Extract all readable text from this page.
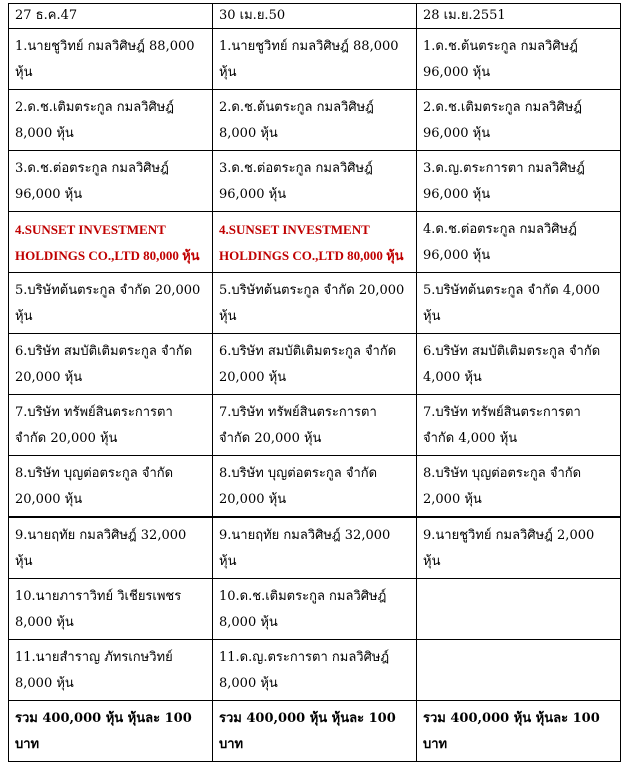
27 ธ.ค.47	30 เม.ย.50	28 เม.ย.2551
1.นายชูวิทย์ กมลวิศิษฎ์ 88,000 หุ้น	1.นายชูวิทย์ กมลวิศิษฎ์ 88,000 หุ้น	1.ด.ช.ต้นตระกูล กมลวิศิษฎ์ 96,000 หุ้น
2.ด.ช.เติมตระกูล กมลวิศิษฎ์ 8,000 หุ้น	2.ด.ช.ต้นตระกูล กมลวิศิษฎ์ 8,000 หุ้น	2.ด.ช.เติมตระกูล กมลวิศิษฎ์ 96,000 หุ้น
3.ด.ช.ต่อตระกูล กมลวิศิษฎ์ 96,000 หุ้น	3.ด.ช.ต่อตระกูล กมลวิศิษฎ์ 96,000 หุ้น	3.ด.ญ.ตระการตา กมลวิศิษฎ์ 96,000 หุ้น
4.SUNSET INVESTMENT HOLDINGS CO.,LTD 80,000 หุ้น	4.SUNSET INVESTMENT HOLDINGS CO.,LTD 80,000 หุ้น	4.ด.ช.ต่อตระกูล กมลวิศิษฎ์ 96,000 หุ้น
5.บริษัทต้นตระกูล จำกัด 20,000 หุ้น	5.บริษัทต้นตระกูล จำกัด 20,000 หุ้น	5.บริษัทต้นตระกูล จำกัด 4,000 หุ้น
6.บริษัท สมบัติเติมตระกูล จำกัด 20,000 หุ้น	6.บริษัท สมบัติเติมตระกูล จำกัด 20,000 หุ้น	6.บริษัท สมบัติเติมตระกูล จำกัด 4,000 หุ้น
7.บริษัท ทรัพย์สินตระการตา จำกัด 20,000 หุ้น	7.บริษัท ทรัพย์สินตระการตา จำกัด 20,000 หุ้น	7.บริษัท ทรัพย์สินตระการตา จำกัด 4,000 หุ้น
8.บริษัท บุญต่อตระกูล จำกัด 20,000 หุ้น	8.บริษัท บุญต่อตระกูล จำกัด 20,000 หุ้น	8.บริษัท บุญต่อตระกูล จำกัด 2,000 หุ้น
9.นายฤทัย กมลวิศิษฎ์ 32,000 หุ้น	9.นายฤทัย กมลวิศิษฎ์ 32,000 หุ้น	9.นายชูวิทย์ กมลวิศิษฎ์ 2,000 หุ้น
10.นายภาราวิทย์ วิเชียรเพชร 8,000 หุ้น	10.ด.ช.เติมตระกูล กมลวิศิษฎ์ 8,000 หุ้น	
11.นายสำราญ ภัทรเกษวิทย์ 8,000 หุ้น	11.ด.ญ.ตระการตา กมลวิศิษฎ์ 8,000 หุ้น	
รวม 400,000 หุ้น หุ้นละ 100 บาท	รวม 400,000 หุ้น หุ้นละ 100 บาท	รวม 400,000 หุ้น หุ้นละ 100 บาท
